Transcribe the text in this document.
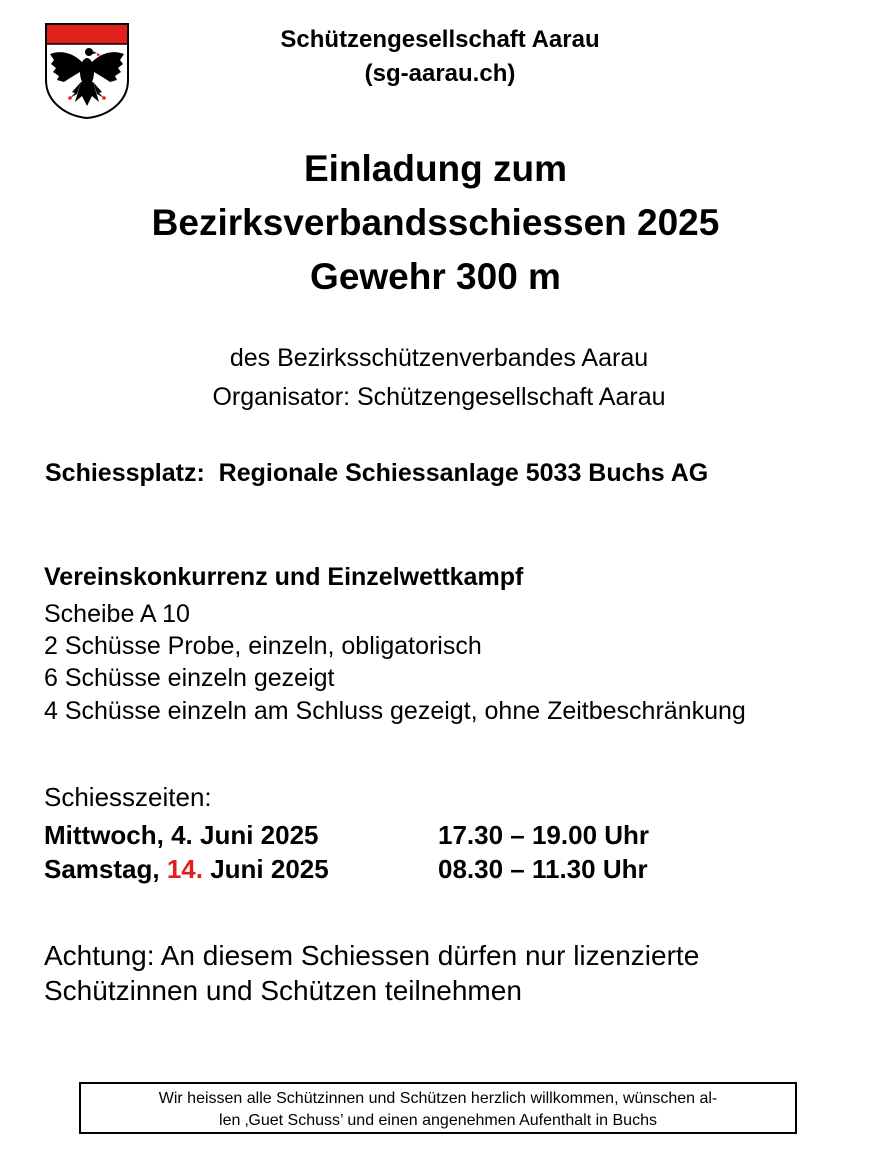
Schützengesellschaft Aarau
(sg-aarau.ch)
Einladung zum
Bezirksverbandsschiessen 2025
Gewehr 300 m
des Bezirksschützenverbandes Aarau
Organisator: Schützengesellschaft Aarau
Schiessplatz:  Regionale Schiessanlage 5033 Buchs AG
Vereinskonkurrenz und Einzelwettkampf
Scheibe A 10
2 Schüsse Probe, einzeln, obligatorisch
6 Schüsse einzeln gezeigt
4 Schüsse einzeln am Schluss gezeigt, ohne Zeitbeschränkung
Schiesszeiten:
Mittwoch, 4. Juni 2025	17.30 – 19.00 Uhr
Samstag, 14. Juni 2025	08.30 – 11.30 Uhr
Achtung: An diesem Schiessen dürfen nur lizenzierte
Schützinnen und Schützen teilnehmen
Wir heissen alle Schützinnen und Schützen herzlich willkommen, wünschen al-
len ‚Guet Schuss’ und einen angenehmen Aufenthalt in Buchs
